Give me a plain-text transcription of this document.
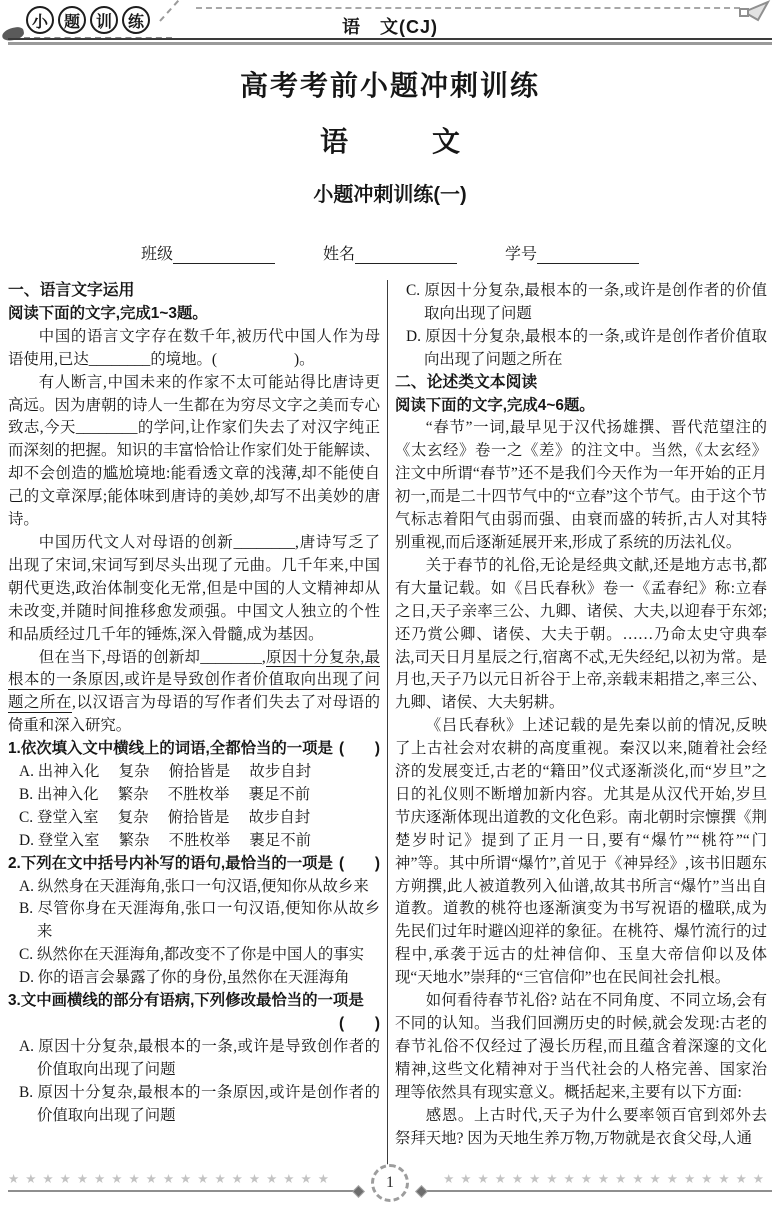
小 题 训 练	语　文(CJ)
高考考前小题冲刺训练
语　　　文
小题冲刺训练(一)
班级	姓名	学号
一、语言文字运用
阅读下面的文字,完成1~3题。
中国的语言文字存在数千年,被历代中国人作为母语使用,已达________的境地。(　　　　　)。
有人断言,中国未来的作家不太可能站得比唐诗更高远。因为唐朝的诗人一生都在为穷尽文字之美而专心致志,今天________的学问,让作家们失去了对汉字纯正而深刻的把握。知识的丰富恰恰让作家们处于能解读、却不会创造的尴尬境地:能看透文章的浅薄,却不能使自己的文章深厚;能体味到唐诗的美妙,却写不出美妙的唐诗。
中国历代文人对母语的创新________,唐诗写乏了出现了宋词,宋词写到尽头出现了元曲。几千年来,中国朝代更迭,政治体制变化无常,但是中国的人文精神却从未改变,并随时间推移愈发顽强。中国文人独立的个性和品质经过几千年的锤炼,深入骨髓,成为基因。
但在当下,母语的创新却________,原因十分复杂,最根本的一条原因,或许是导致创作者价值取向出现了问题之所在,以汉语言为母语的写作者们失去了对母语的倚重和深入研究。
1.依次填入文中横线上的词语,全都恰当的一项是 (　　)
A. 出神入化　 复杂　 俯拾皆是　 故步自封
B. 出神入化　 繁杂　 不胜枚举　 裹足不前
C. 登堂入室　 复杂　 俯拾皆是　 故步自封
D. 登堂入室　 繁杂　 不胜枚举　 裹足不前
2.下列在文中括号内补写的语句,最恰当的一项是 (　　)
A. 纵然身在天涯海角,张口一句汉语,便知你从故乡来
B. 尽管你身在天涯海角,张口一句汉语,便知你从故乡来
C. 纵然你在天涯海角,都改变不了你是中国人的事实
D. 你的语言会暴露了你的身份,虽然你在天涯海角
3.文中画横线的部分有语病,下列修改最恰当的一项是
(　　)
A. 原因十分复杂,最根本的一条,或许是导致创作者的价值取向出现了问题
B. 原因十分复杂,最根本的一条原因,或许是创作者的价值取向出现了问题
C. 原因十分复杂,最根本的一条,或许是创作者的价值取向出现了问题
D. 原因十分复杂,最根本的一条,或许是创作者价值取向出现了问题之所在
二、论述类文本阅读
阅读下面的文字,完成4~6题。
“春节”一词,最早见于汉代扬雄撰、晋代范望注的《太玄经》卷一之《差》的注文中。当然,《太玄经》注文中所谓“春节”还不是我们今天作为一年开始的正月初一,而是二十四节气中的“立春”这个节气。由于这个节气标志着阳气由弱而强、由衰而盛的转折,古人对其特别重视,而后逐渐延展开来,形成了系统的历法礼仪。
关于春节的礼俗,无论是经典文献,还是地方志书,都有大量记载。如《吕氏春秋》卷一《孟春纪》称:立春之日,天子亲率三公、九卿、诸侯、大夫,以迎春于东郊;还乃赏公卿、诸侯、大夫于朝。……乃命太史守典奉法,司天日月星辰之行,宿离不忒,无失经纪,以初为常。是月也,天子乃以元日祈谷于上帝,亲载耒耜措之,率三公、九卿、诸侯、大夫躬耕。
《吕氏春秋》上述记载的是先秦以前的情况,反映了上古社会对农耕的高度重视。秦汉以来,随着社会经济的发展变迁,古老的“籍田”仪式逐渐淡化,而“岁旦”之日的礼仪则不断增加新内容。尤其是从汉代开始,岁旦节庆逐渐体现出道教的文化色彩。南北朝时宗懔撰《荆楚岁时记》提到了正月一日,要有“爆竹”“桃符”“门神”等。其中所谓“爆竹”,首见于《神异经》,该书旧题东方朔撰,此人被道教列入仙谱,故其书所言“爆竹”当出自道教。道教的桃符也逐渐演变为书写祝语的楹联,成为先民们过年时避凶迎祥的象征。在桃符、爆竹流行的过程中,承袭于远古的灶神信仰、玉皇大帝信仰以及体现“天地水”崇拜的“三官信仰”也在民间社会扎根。
如何看待春节礼俗? 站在不同角度、不同立场,会有不同的认知。当我们回溯历史的时候,就会发现:古老的春节礼俗不仅经过了漫长历程,而且蕴含着深邃的文化精神,这些文化精神对于当代社会的人格完善、国家治理等依然具有现实意义。概括起来,主要有以下方面:
感恩。上古时代,天子为什么要率领百官到郊外去祭拜天地? 因为天地生养万物,万物就是衣食父母,人通
★★★★★★★★★★★★★★★★★★★	1	★★★★★★★★★★★★★★★★★★★
